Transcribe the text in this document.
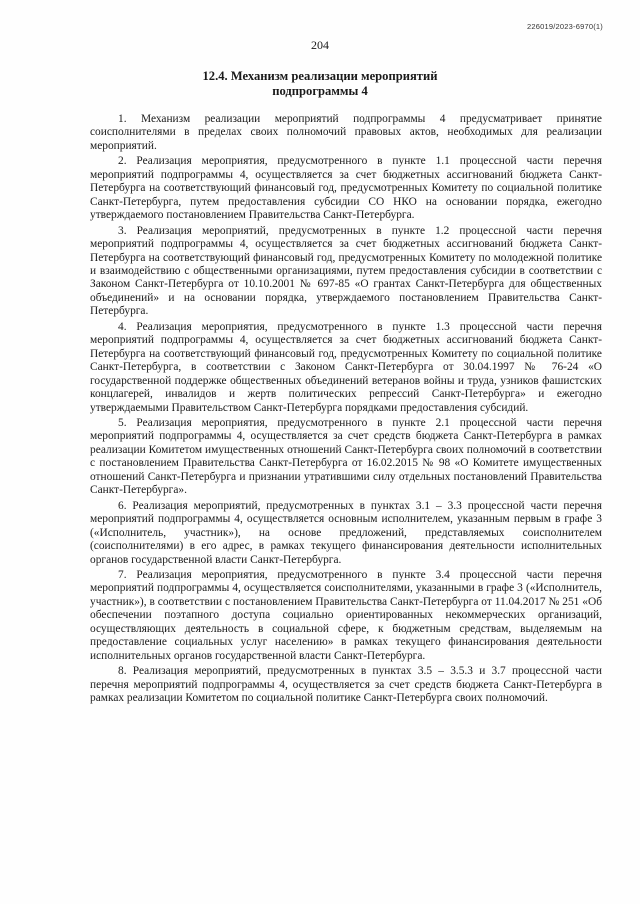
226019/2023-6970(1)
204
12.4. Механизм реализации мероприятий
подпрограммы 4

1. Механизм реализации мероприятий подпрограммы 4 предусматривает принятие соисполнителями в пределах своих полномочий правовых актов, необходимых для реализации мероприятий.

2. Реализация мероприятия, предусмотренного в пункте 1.1 процессной части перечня мероприятий подпрограммы 4, осуществляется за счет бюджетных ассигнований бюджета Санкт-Петербурга на соответствующий финансовый год, предусмотренных Комитету по социальной политике Санкт-Петербурга, путем предоставления субсидии СО НКО на основании порядка, ежегодно утверждаемого постановлением Правительства Санкт-Петербурга.

3. Реализация мероприятий, предусмотренных в пункте 1.2 процессной части перечня мероприятий подпрограммы 4, осуществляется за счет бюджетных ассигнований бюджета Санкт-Петербурга на соответствующий финансовый год, предусмотренных Комитету по молодежной политике и взаимодействию с общественными организациями, путем предоставления субсидии в соответствии с Законом Санкт-Петербурга от 10.10.2001 № 697-85 «О грантах Санкт-Петербурга для общественных объединений» и на основании порядка, утверждаемого постановлением Правительства Санкт-Петербурга.

4. Реализация мероприятия, предусмотренного в пункте 1.3 процессной части перечня мероприятий подпрограммы 4, осуществляется за счет бюджетных ассигнований бюджета Санкт-Петербурга на соответствующий финансовый год, предусмотренных Комитету по социальной политике Санкт-Петербурга, в соответствии с Законом Санкт-Петербурга от 30.04.1997 № 76-24 «О государственной поддержке общественных объединений ветеранов войны и труда, узников фашистских концлагерей, инвалидов и жертв политических репрессий Санкт-Петербурга» и ежегодно утверждаемыми Правительством Санкт-Петербурга порядками предоставления субсидий.

5. Реализация мероприятия, предусмотренного в пункте 2.1 процессной части перечня мероприятий подпрограммы 4, осуществляется за счет средств бюджета Санкт-Петербурга в рамках реализации Комитетом имущественных отношений Санкт-Петербурга своих полномочий в соответствии с постановлением Правительства Санкт-Петербурга от 16.02.2015 № 98 «О Комитете имущественных отношений Санкт-Петербурга и признании утратившими силу отдельных постановлений Правительства Санкт-Петербурга».

6. Реализация мероприятий, предусмотренных в пунктах 3.1 – 3.3 процессной части перечня мероприятий подпрограммы 4, осуществляется основным исполнителем, указанным первым в графе 3 («Исполнитель, участник»), на основе предложений, представляемых соисполнителем (соисполнителями) в его адрес, в рамках текущего финансирования деятельности исполнительных органов государственной власти Санкт-Петербурга.

7. Реализация мероприятия, предусмотренного в пункте 3.4 процессной части перечня мероприятий подпрограммы 4, осуществляется соисполнителями, указанными в графе 3 («Исполнитель, участник»), в соответствии с постановлением Правительства Санкт-Петербурга от 11.04.2017 № 251 «Об обеспечении поэтапного доступа социально ориентированных некоммерческих организаций, осуществляющих деятельность в социальной сфере, к бюджетным средствам, выделяемым на предоставление социальных услуг населению» в рамках текущего финансирования деятельности исполнительных органов государственной власти Санкт-Петербурга.

8. Реализация мероприятий, предусмотренных в пунктах 3.5 – 3.5.3 и 3.7 процессной части перечня мероприятий подпрограммы 4, осуществляется за счет средств бюджета Санкт-Петербурга в рамках реализации Комитетом по социальной политике Санкт-Петербурга своих полномочий.
